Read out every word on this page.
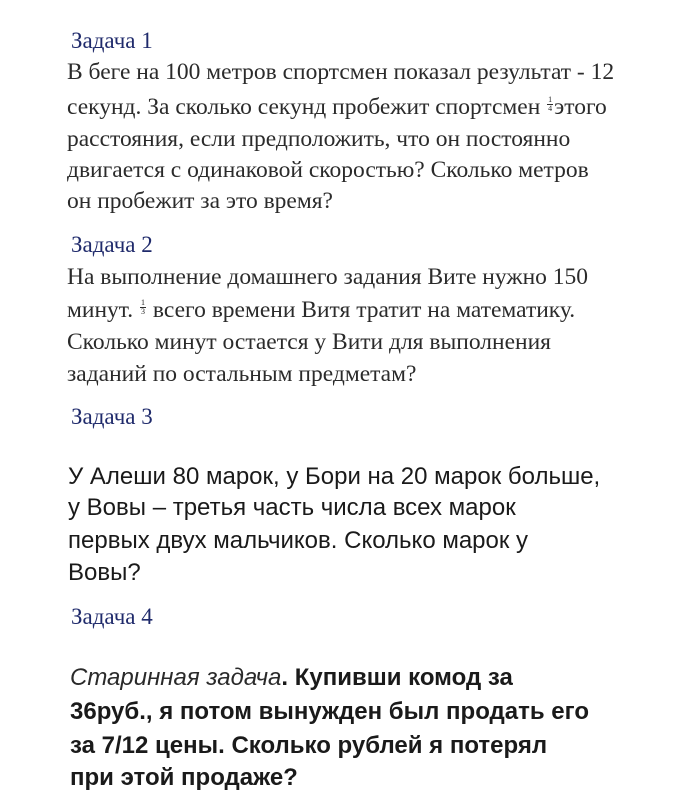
Задача 1
В беге на 100 метров спортсмен показал результат - 12
секунд. За сколько секунд пробежит спортсмен $\frac{1}{4}$ этого
расстояния, если предположить, что он постоянно
двигается с одинаковой скоростью? Сколько метров
он пробежит за это время?
Задача 2
На выполнение домашнего задания Вите нужно 150
минут. $\frac{1}{3}$ всего времени Витя тратит на математику.
Сколько минут остается у Вити для выполнения
заданий по остальным предметам?
Задача 3
У Алеши 80 марок, у Бори на 20 марок больше,
у Вовы – третья часть числа всех марок
первых двух мальчиков. Сколько марок у
Вовы?
Задача 4
Старинная задача. Купивши комод за
36руб., я потом вынужден был продать его
за 7/12 цены. Сколько рублей я потерял
при этой продаже?
